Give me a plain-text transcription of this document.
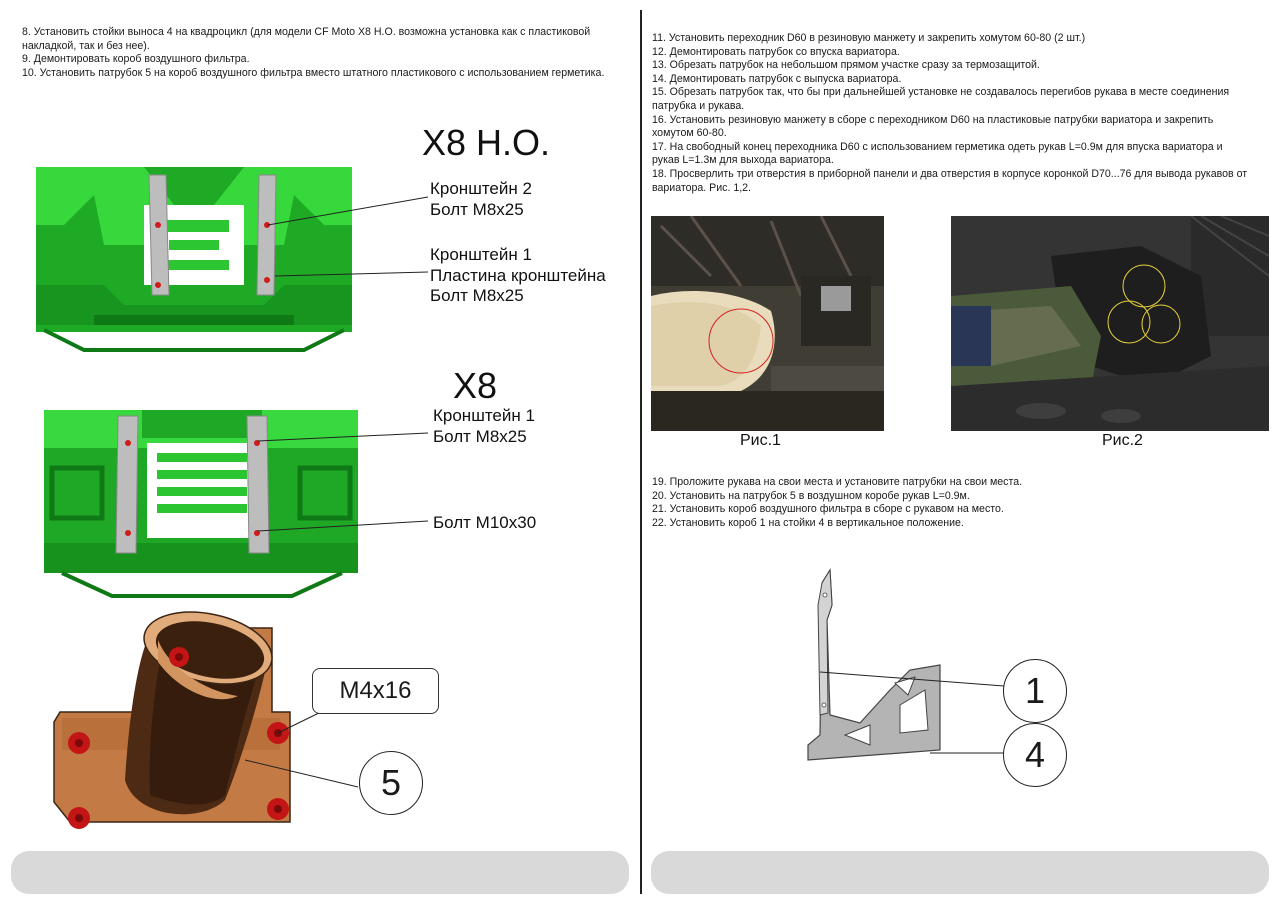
8. Установить стойки выноса 4 на квадроцикл (для модели CF Moto X8 H.O. возможна установка как с пластиковой накладкой, так и без нее).
9. Демонтировать короб воздушного фильтра.
10. Установить патрубок 5 на короб воздушного фильтра вместо штатного пластикового с использованием герметика.
X8 H.O.
Кронштейн 2
Болт M8x25
Кронштейн 1
Пластина кронштейна
Болт M8x25
X8
Кронштейн 1
Болт M8x25
Болт M10x30
M4x16
5
11. Установить переходник D60 в резиновую манжету и закрепить хомутом 60-80 (2 шт.)
12. Демонтировать патрубок со впуска вариатора.
13. Обрезать патрубок на небольшом прямом участке сразу за термозащитой.
14. Демонтировать патрубок с выпуска вариатора.
15. Обрезать патрубок так, что бы при дальнейшей установке не создавалось перегибов рукава в месте соединения патрубка и рукава.
16. Установить резиновую манжету в сборе с переходником D60 на пластиковые патрубки вариатора и закрепить хомутом 60-80.
17. На свободный конец переходника D60 с использованием герметика одеть рукав L=0.9м для впуска вариатора и рукав L=1.3м для выхода вариатора.
18. Просверлить три отверстия в приборной панели и два отверстия в корпусе коронкой D70...76 для вывода рукавов от вариатора. Рис. 1,2.
Рис.1	Рис.2
19. Проложите рукава на свои места и установите патрубки на свои места.
20. Установить на патрубок 5 в воздушном коробе рукав L=0.9м.
21. Установить короб воздушного фильтра в сборе с рукавом на место.
22. Установить короб 1 на стойки 4 в вертикальное положение.
1
4
